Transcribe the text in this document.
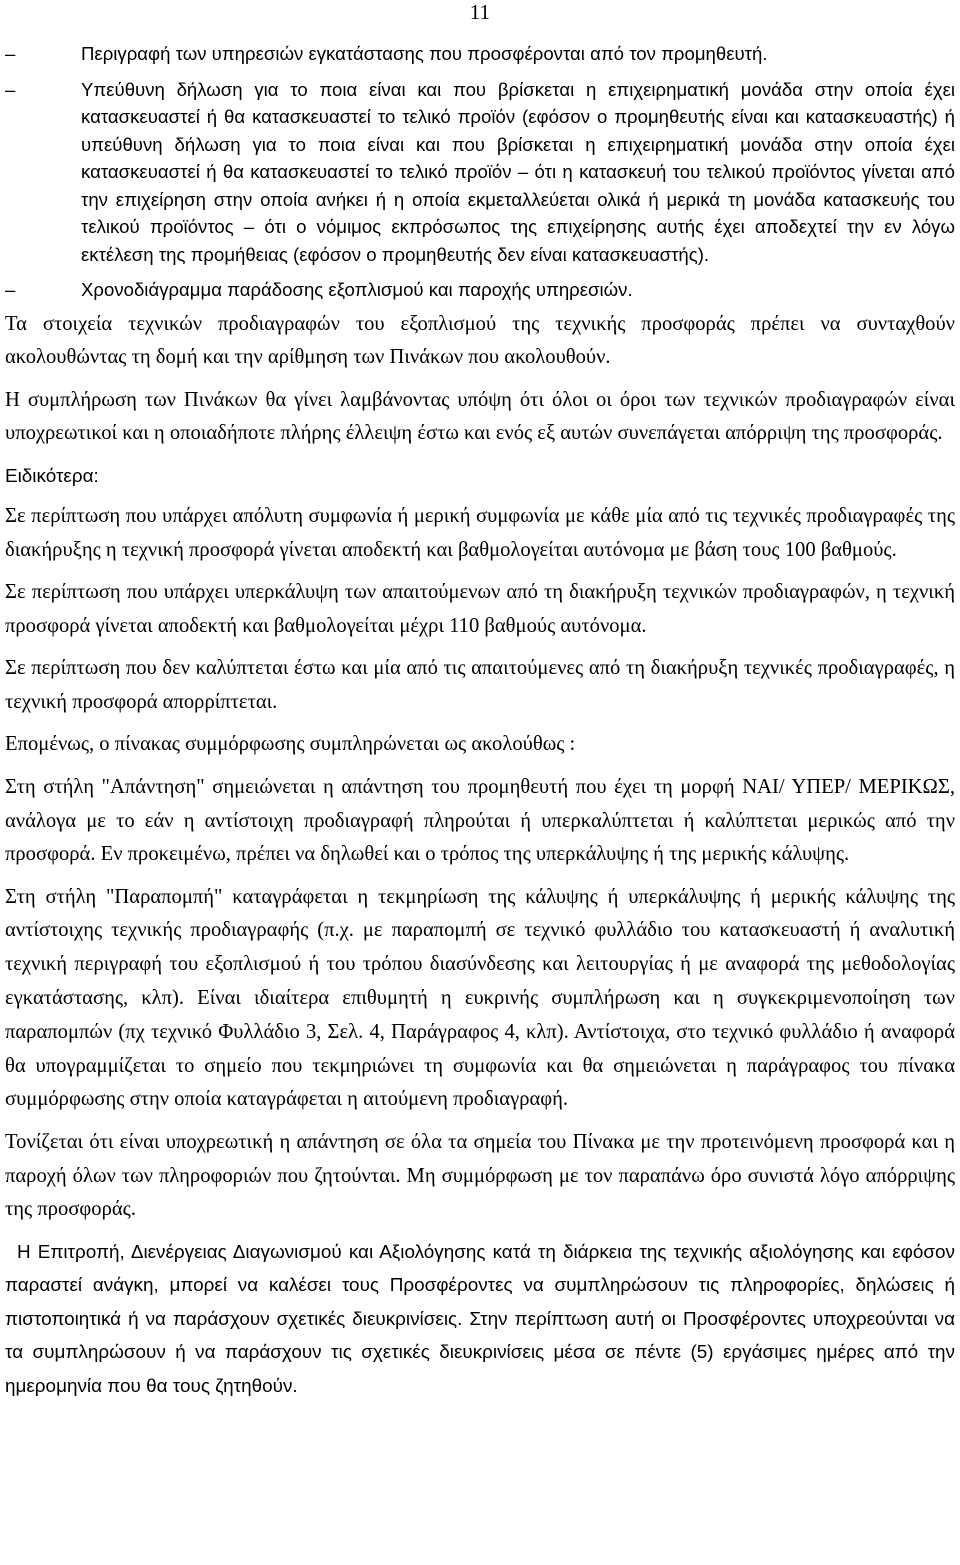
11
–	Περιγραφή των υπηρεσιών εγκατάστασης που προσφέρονται από τον προμηθευτή.
–	Υπεύθυνη δήλωση για το ποια είναι και που βρίσκεται η επιχειρηματική μονάδα στην οποία έχει κατασκευαστεί ή θα κατασκευαστεί το τελικό προϊόν (εφόσον ο προμηθευτής είναι και κατασκευαστής) ή υπεύθυνη δήλωση για το ποια είναι και που βρίσκεται η επιχειρηματική μονάδα στην οποία έχει κατασκευαστεί ή θα κατασκευαστεί το τελικό προϊόν – ότι η κατασκευή του τελικού προϊόντος γίνεται από την επιχείρηση στην οποία ανήκει ή η οποία εκμεταλλεύεται ολικά ή μερικά τη μονάδα κατασκευής του τελικού προϊόντος – ότι ο νόμιμος εκπρόσωπος της επιχείρησης αυτής έχει αποδεχτεί την εν λόγω εκτέλεση της προμήθειας (εφόσον ο προμηθευτής δεν είναι κατασκευαστής).
–	Χρονοδιάγραμμα παράδοσης εξοπλισμού και παροχής υπηρεσιών.

Τα στοιχεία τεχνικών προδιαγραφών του εξοπλισμού της τεχνικής προσφοράς πρέπει να συνταχθούν ακολουθώντας τη δομή και την αρίθμηση των Πινάκων που ακολουθούν.

Η συμπλήρωση των Πινάκων θα γίνει λαμβάνοντας υπόψη ότι όλοι οι όροι των τεχνικών προδιαγραφών είναι υποχρεωτικοί και η οποιαδήποτε πλήρης έλλειψη έστω και ενός εξ αυτών συνεπάγεται απόρριψη της προσφοράς.

Ειδικότερα:

Σε περίπτωση που υπάρχει απόλυτη συμφωνία ή μερική συμφωνία με κάθε μία από τις τεχνικές προδιαγραφές της διακήρυξης η τεχνική προσφορά γίνεται αποδεκτή και βαθμολογείται αυτόνομα με βάση τους 100 βαθμούς.

Σε περίπτωση που υπάρχει υπερκάλυψη των απαιτούμενων από τη διακήρυξη τεχνικών προδιαγραφών, η τεχνική προσφορά γίνεται αποδεκτή και βαθμολογείται μέχρι 110 βαθμούς αυτόνομα.

Σε περίπτωση που δεν καλύπτεται έστω και μία από τις απαιτούμενες από τη διακήρυξη τεχνικές προδιαγραφές, η τεχνική προσφορά απορρίπτεται.

Επομένως, ο πίνακας συμμόρφωσης συμπληρώνεται ως ακολούθως :

Στη στήλη "Απάντηση" σημειώνεται η απάντηση του προμηθευτή που έχει τη μορφή ΝΑΙ/ ΥΠΕΡ/ ΜΕΡΙΚΩΣ, ανάλογα με το εάν η αντίστοιχη προδιαγραφή πληρούται ή υπερκαλύπτεται ή καλύπτεται μερικώς από την προσφορά. Εν προκειμένω, πρέπει να δηλωθεί και ο τρόπος της υπερκάλυψης ή της μερικής κάλυψης.

Στη στήλη "Παραπομπή" καταγράφεται η τεκμηρίωση της κάλυψης ή υπερκάλυψης ή μερικής κάλυψης της αντίστοιχης τεχνικής προδιαγραφής (π.χ. με παραπομπή σε τεχνικό φυλλάδιο του κατασκευαστή ή αναλυτική τεχνική περιγραφή του εξοπλισμού ή του τρόπου διασύνδεσης και λειτουργίας ή με αναφορά της μεθοδολογίας εγκατάστασης, κλπ). Είναι ιδιαίτερα επιθυμητή η ευκρινής συμπλήρωση και η συγκεκριμενοποίηση των παραπομπών (πχ τεχνικό Φυλλάδιο 3, Σελ. 4, Παράγραφος 4, κλπ). Αντίστοιχα, στο τεχνικό φυλλάδιο ή αναφορά θα υπογραμμίζεται το σημείο που τεκμηριώνει τη συμφωνία και θα σημειώνεται η παράγραφος του πίνακα συμμόρφωσης στην οποία καταγράφεται η αιτούμενη προδιαγραφή.

Τονίζεται ότι είναι υποχρεωτική η απάντηση σε όλα τα σημεία του Πίνακα με την προτεινόμενη προσφορά και η παροχή όλων των πληροφοριών που ζητούνται. Μη συμμόρφωση με τον παραπάνω όρο συνιστά λόγο απόρριψης της προσφοράς.

Η Επιτροπή, Διενέργειας Διαγωνισμού και Αξιολόγησης κατά τη διάρκεια της τεχνικής αξιολόγησης και εφόσον παραστεί ανάγκη, μπορεί να καλέσει τους Προσφέροντες να συμπληρώσουν τις πληροφορίες, δηλώσεις ή πιστοποιητικά ή να παράσχουν σχετικές διευκρινίσεις. Στην περίπτωση αυτή οι Προσφέροντες υποχρεούνται να τα συμπληρώσουν ή να παράσχουν τις σχετικές διευκρινίσεις μέσα σε πέντε (5) εργάσιμες ημέρες από την ημερομηνία που θα τους ζητηθούν.
